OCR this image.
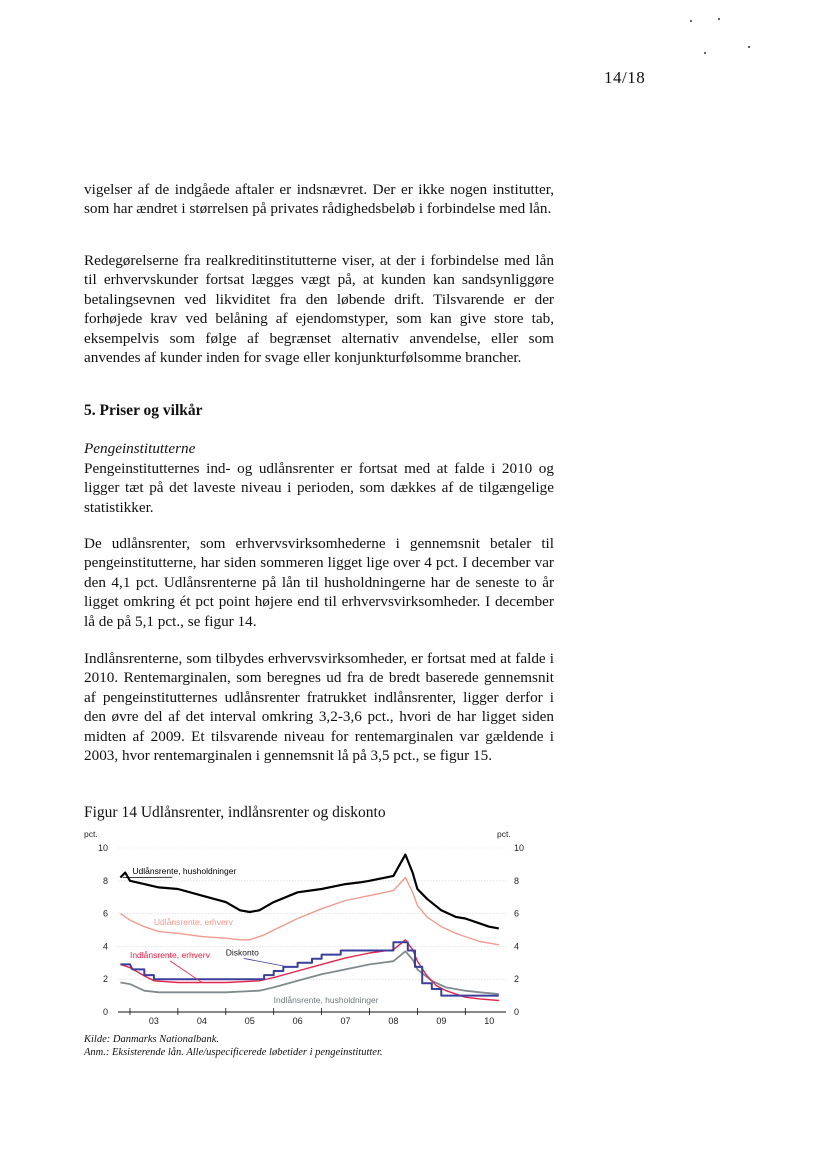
14/18

vigelser af de indgåede aftaler er indsnævret. Der er ikke nogen institutter, som har ændret i størrelsen på privates rådighedsbeløb i forbindelse med lån.

Redegørelserne fra realkreditinstitutterne viser, at der i forbindelse med lån til erhvervskunder fortsat lægges vægt på, at kunden kan sandsynliggøre betalingsevnen ved likviditet fra den løbende drift. Tilsvarende er der forhøjede krav ved belåning af ejendomstyper, som kan give store tab, eksempelvis som følge af begrænset alternativ anvendelse, eller som anvendes af kunder inden for svage eller konjunkturfølsomme brancher.

5. Priser og vilkår
Pengeinstitutterne

Pengeinstitutternes ind- og udlånsrenter er fortsat med at falde i 2010 og ligger tæt på det laveste niveau i perioden, som dækkes af de tilgængelige statistikker.

De udlånsrenter, som erhvervsvirksomhederne i gennemsnit betaler til pengeinstitutterne, har siden sommeren ligget lige over 4 pct. I december var den 4,1 pct. Udlånsrenterne på lån til husholdningerne har de seneste to år ligget omkring ét pct point højere end til erhvervsvirksomheder. I december lå de på 5,1 pct., se figur 14.

Indlånsrenterne, som tilbydes erhvervsvirksomheder, er fortsat med at falde i 2010. Rentemarginalen, som beregnes ud fra de bredt baserede gennemsnit af pengeinstitutternes udlånsrenter fratrukket indlånsrenter, ligger derfor i den øvre del af det interval omkring 3,2-3,6 pct., hvori de har ligget siden midten af 2009. Et tilsvarende niveau for rentemarginalen var gældende i 2003, hvor rentemarginalen i gennemsnit lå på 3,5 pct., se figur 15.

Figur 14 Udlånsrenter, indlånsrenter og diskonto
pct.	pct.
0
2
4
6
8
10
0
2
4
6
8
10
03	04	05	06	07	08	09	10
Udlånsrente, husholdninger
Udlånsrente, erhverv
Indlånsrente, erhverv Diskonto
Indlånsrente, husholdninger
Kilde: Danmarks Nationalbank.
Anm.: Eksisterende lån. Alle/uspecificerede løbetider i pengeinstitutter.
